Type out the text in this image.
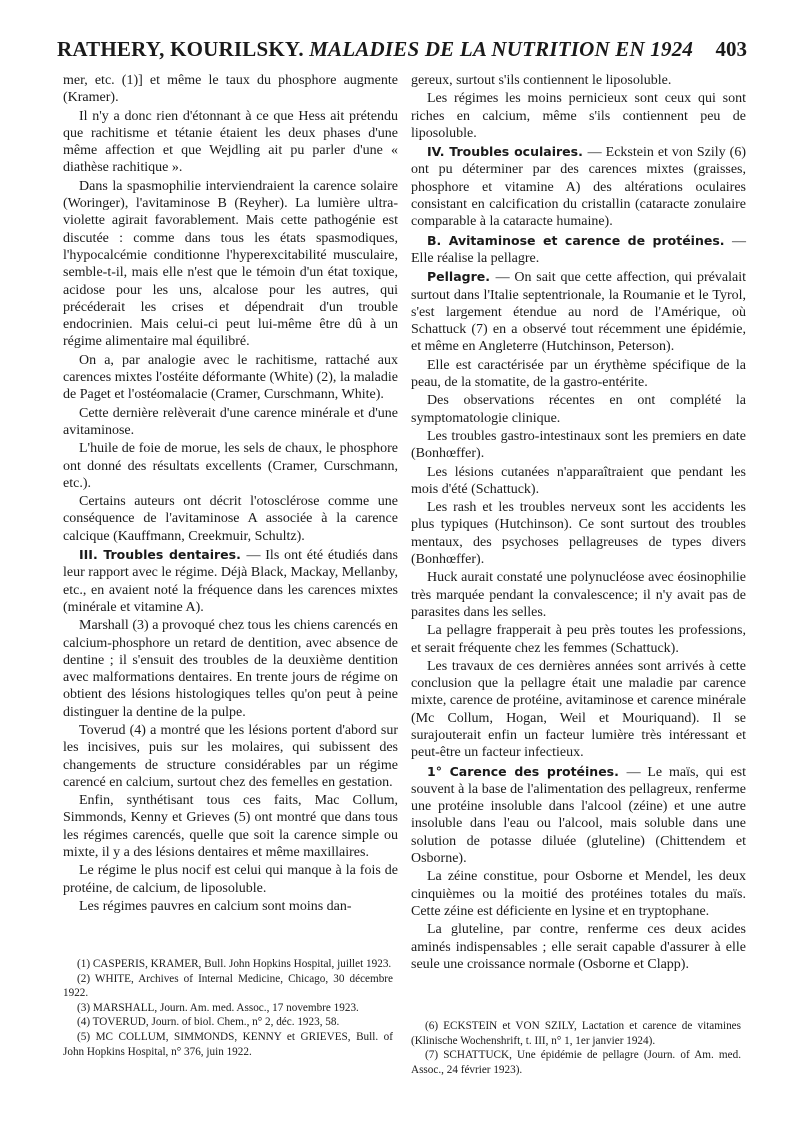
RATHERY, KOURILSKY. MALADIES DE LA NUTRITION EN 1924 403

mer, etc. (1)] et même le taux du phosphore augmente (Kramer).

Il n'y a donc rien d'étonnant à ce que Hess ait prétendu que rachitisme et tétanie étaient les deux phases d'une même affection et que Wejdling ait pu parler d'une « diathèse rachitique ».

Dans la spasmophilie interviendraient la carence solaire (Woringer), l'avitaminose B (Reyher). La lumière ultra-violette agirait favorablement. Mais cette pathogénie est discutée : comme dans tous les états spasmodiques, l'hypocalcémie conditionne l'hyperexcitabilité musculaire, semble-t-il, mais elle n'est que le témoin d'un état toxique, acidose pour les uns, alcalose pour les autres, qui précéderait les crises et dépendrait d'un trouble endocrinien. Mais celui-ci peut lui-même être dû à un régime alimentaire mal équilibré.

On a, par analogie avec le rachitisme, rattaché aux carences mixtes l'ostéite déformante (White) (2), la maladie de Paget et l'ostéomalacie (Cramer, Curschmann, White).

Cette dernière relèverait d'une carence minérale et d'une avitaminose.

L'huile de foie de morue, les sels de chaux, le phosphore ont donné des résultats excellents (Cramer, Curschmann, etc.).

Certains auteurs ont décrit l'otosclérose comme une conséquence de l'avitaminose A associée à la carence calcique (Kauffmann, Creekmuir, Schultz).

III. Troubles dentaires. — Ils ont été étudiés dans leur rapport avec le régime. Déjà Black, Mackay, Mellanby, etc., en avaient noté la fréquence dans les carences mixtes (minérale et vitamine A).

Marshall (3) a provoqué chez tous les chiens carencés en calcium-phosphore un retard de dentition, avec absence de dentine ; il s'ensuit des troubles de la deuxième dentition avec malformations dentaires. En trente jours de régime on obtient des lésions histologiques telles qu'on peut à peine distinguer la dentine de la pulpe.

Toverud (4) a montré que les lésions portent d'abord sur les incisives, puis sur les molaires, qui subissent des changements de structure considérables par un régime carencé en calcium, surtout chez des femelles en gestation.

Enfin, synthétisant tous ces faits, Mac Collum, Simmonds, Kenny et Grieves (5) ont montré que dans tous les régimes carencés, quelle que soit la carence simple ou mixte, il y a des lésions dentaires et même maxillaires.

Le régime le plus nocif est celui qui manque à la fois de protéine, de calcium, de liposoluble.

Les régimes pauvres en calcium sont moins dan-

gereux, surtout s'ils contiennent le liposoluble.

Les régimes les moins pernicieux sont ceux qui sont riches en calcium, même s'ils contiennent peu de liposoluble.

IV. Troubles oculaires. — Eckstein et von Szily (6) ont pu déterminer par des carences mixtes (graisses, phosphore et vitamine A) des altérations oculaires consistant en calcification du cristallin (cataracte zonulaire comparable à la cataracte humaine).

B. Avitaminose et carence de protéines. — Elle réalise la pellagre.

Pellagre. — On sait que cette affection, qui prévalait surtout dans l'Italie septentrionale, la Roumanie et le Tyrol, s'est largement étendue au nord de l'Amérique, où Schattuck (7) en a observé tout récemment une épidémie, et même en Angleterre (Hutchinson, Peterson).

Elle est caractérisée par un érythème spécifique de la peau, de la stomatite, de la gastro-entérite.

Des observations récentes en ont complété la symptomatologie clinique.

Les troubles gastro-intestinaux sont les premiers en date (Bonhœffer).

Les lésions cutanées n'apparaîtraient que pendant les mois d'été (Schattuck).

Les rash et les troubles nerveux sont les accidents les plus typiques (Hutchinson). Ce sont surtout des troubles mentaux, des psychoses pellagreuses de types divers (Bonhœffer).

Huck aurait constaté une polynucléose avec éosinophilie très marquée pendant la convalescence; il n'y avait pas de parasites dans les selles.

La pellagre frapperait à peu près toutes les professions, et serait fréquente chez les femmes (Schattuck).

Les travaux de ces dernières années sont arrivés à cette conclusion que la pellagre était une maladie par carence mixte, carence de protéine, avitaminose et carence minérale (Mc Collum, Hogan, Weil et Mouriquand). Il se surajouterait enfin un facteur lumière très intéressant et peut-être un facteur infectieux.

1° Carence des protéines. — Le maïs, qui est souvent à la base de l'alimentation des pellagreux, renferme une protéine insoluble dans l'alcool (zéine) et une autre insoluble dans l'eau ou l'alcool, mais soluble dans une solution de potasse diluée (gluteline) (Chittendem et Osborne).

La zéine constitue, pour Osborne et Mendel, les deux cinquièmes ou la moitié des protéines totales du maïs. Cette zéine est déficiente en lysine et en tryptophane.

La gluteline, par contre, renferme ces deux acides aminés indispensables ; elle serait capable d'assurer à elle seule une croissance normale (Osborne et Clapp).

(1) CASPERIS, KRAMER, Bull. John Hopkins Hospital, juillet 1923.

(2) WHITE, Archives of Internal Medicine, Chicago, 30 décembre 1922.

(3) MARSHALL, Journ. Am. med. Assoc., 17 novembre 1923.

(4) TOVERUD, Journ. of biol. Chem., n° 2, déc. 1923, 58.

(5) MC COLLUM, SIMMONDS, KENNY et GRIEVES, Bull. of John Hopkins Hospital, n° 376, juin 1922.

(6) ECKSTEIN et VON SZILY, Lactation et carence de vitamines (Klinische Wochenshrift, t. III, n° 1, 1er janvier 1924).

(7) SCHATTUCK, Une épidémie de pellagre (Journ. of Am. med. Assoc., 24 février 1923).
